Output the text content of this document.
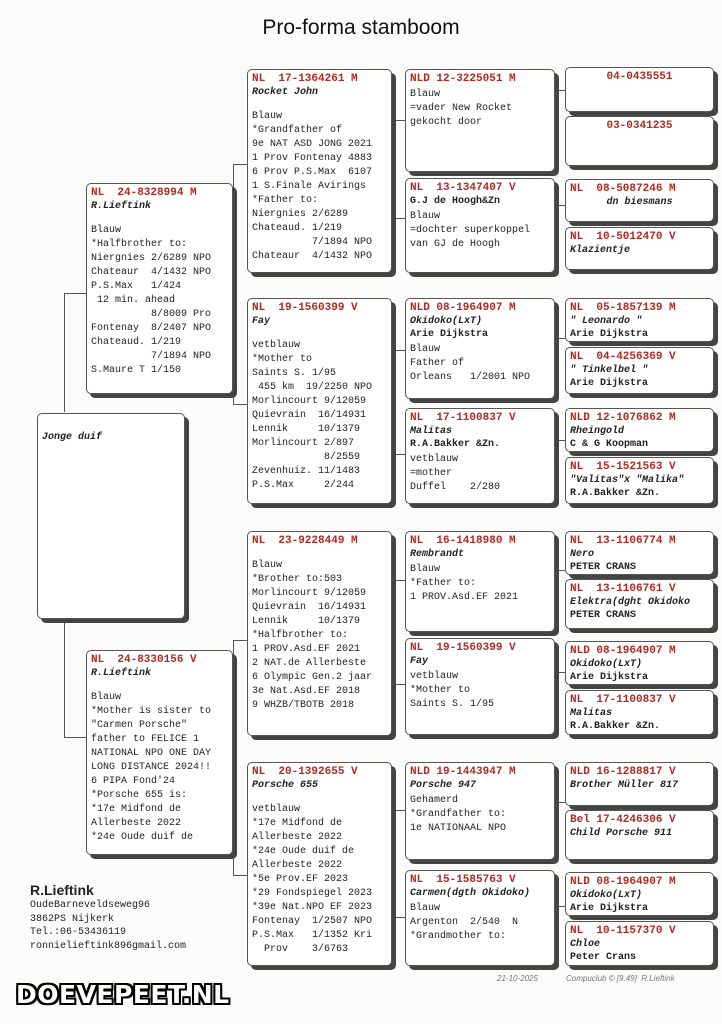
Pro-forma stamboom
Jonge duif
NL  24-8328994 M
R.Lieftink
Blauw
*Halfbrother to:
Niergnies 2/6289 NPO
Chateaur  4/1432 NPO
P.S.Max   1/424
12 min. ahead
8/8009 Pro
Fontenay  8/2407 NPO
Chateaud. 1/219
7/1894 NPO
S.Maure T 1/150
NL  24-8330156 V
R.Lieftink
Blauw
*Mother is sister to
"Carmen Porsche"
father to FELICE 1
NATIONAL NPO ONE DAY
LONG DISTANCE 2024!!
6 PIPA Fond'24
*Porsche 655 is:
*17e Midfond de
Allerbeste 2022
*24e Oude duif de
NL  17-1364261 M
Rocket John
Blauw
*Grandfather of
9e NAT ASD JONG 2021
1 Prov Fontenay 4883
6 Prov P.S.Max  6107
1 S.Finale Avirings
*Father to:
Niergnies 2/6289
Chateaud. 1/219
7/1894 NPO
Chateaur  4/1432 NPO
NL  19-1560399 V
Fay
vetblauw
*Mother to
Saints S. 1/95
455 km  19/2250 NPO
Morlincourt 9/12059
Quievrain  16/14931
Lennik     10/1379
Morlincourt 2/897
8/2559
Zevenhuiz. 11/1483
P.S.Max     2/244
NL  23-9228449 M
Blauw
*Brother to:503
Morlincourt 9/12059
Quievrain  16/14931
Lennik     10/1379
*Halfbrother to:
1 PROV.Asd.EF 2021
2 NAT.de Allerbeste
6 Olympic Gen.2 jaar
3e Nat.Asd.EF 2018
9 WHZB/TBOTB 2018
NL  20-1392655 V
Porsche 655
vetblauw
*17e Midfond de
Allerbeste 2022
*24e Oude duif de
Allerbeste 2022
*5e Prov.EF 2023
*29 Fondspiegel 2023
*39e Nat.NPO EF 2023
Fontenay  1/2507 NPO
P.S.Max   1/1352 Kri
Prov    3/6763
NLD 12-3225051 M
Blauw
=vader New Rocket
gekocht door
NL  13-1347407 V
G.J de Hoogh&Zn
Blauw
=dochter superkoppel
van GJ de Hoogh
NLD 08-1964907 M
Okidoko(LxT)
Arie Dijkstra
Blauw
Father of
Orleans   1/2001 NPO
NL  17-1100837 V
Malitas
R.A.Bakker &Zn.
vetblauw
=mother
Duffel    2/280
NL  16-1418980 M
Rembrandt
Blauw
*Father to:
1 PROV.Asd.EF 2021
NL  19-1560399 V
Fay
vetblauw
*Mother to
Saints S. 1/95
NLD 19-1443947 M
Porsche 947
Gehamerd
*Grandfather to:
1e NATIONAAL NPO
NL  15-1585763 V
Carmen(dgth Okidoko)
Blauw
Argenton  2/540  N
*Grandmother to:
04-0435551
03-0341235
NL  08-5087246 M
dn biesmans
NL  10-5012470 V
Klazientje
NL  05-1857139 M
" Leonardo "
Arie Dijkstra
NL  04-4256369 V
" Tinkelbel "
Arie Dijkstra
NLD 12-1076862 M
Rheingold
C & G Koopman
NL  15-1521563 V
"Valitas"x "Malika"
R.A.Bakker &Zn.
NL  13-1106774 M
Nero
PETER CRANS
NL  13-1106761 V
Elektra(dght Okidoko
PETER CRANS
NLD 08-1964907 M
Okidoko(LxT)
Arie Dijkstra
NL  17-1100837 V
Malitas
R.A.Bakker &Zn.
NLD 16-1288817 V
Brother Müller 817
Bel 17-4246306 V
Child Porsche 911
NLD 08-1964907 M
Okidoko(LxT)
Arie Dijkstra
NL  10-1157370 V
Chloe
Peter Crans
R.Lieftink
OudeBarneveldseweg96
3862PS Nijkerk
Tel.:06-53436119
ronnielieftink896gmail.com
21-10-2025	Compuclub © [9.49]  R.Lieftink
DOEVEPEET.NL
